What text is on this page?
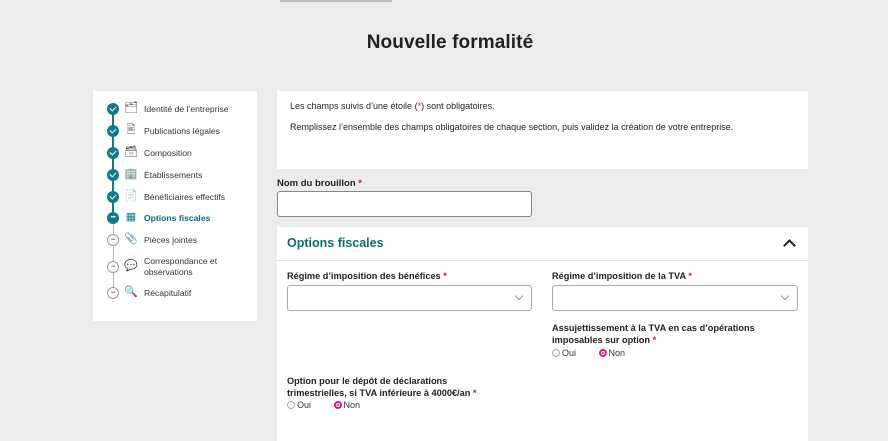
Nouvelle formalité
🗂 Identité de l’entreprise
🖹 Publications légales
🗃 Composition
🏢 Établissements
📄 Bénéficiaires effectifs
•••
▦ Options fiscales
•••
📎 Pièces jointes
•••
💬 Correspondance et
observations
•••
🔍 Récapitulatif

Les champs suivis d’une étoile (*) sont obligatoires.

Remplissez l’ensemble des champs obligatoires de chaque section, puis validez la création de votre entreprise.

Nom du brouillon *
Options fiscales
Régime d’imposition des bénéfices *	Régime d’imposition de la TVA *
Assujettissement à la TVA en cas d’opérations
imposables sur option *
Oui	Non
Option pour le dépôt de déclarations
trimestrielles, si TVA inférieure à 4000€/an *
Oui	Non
